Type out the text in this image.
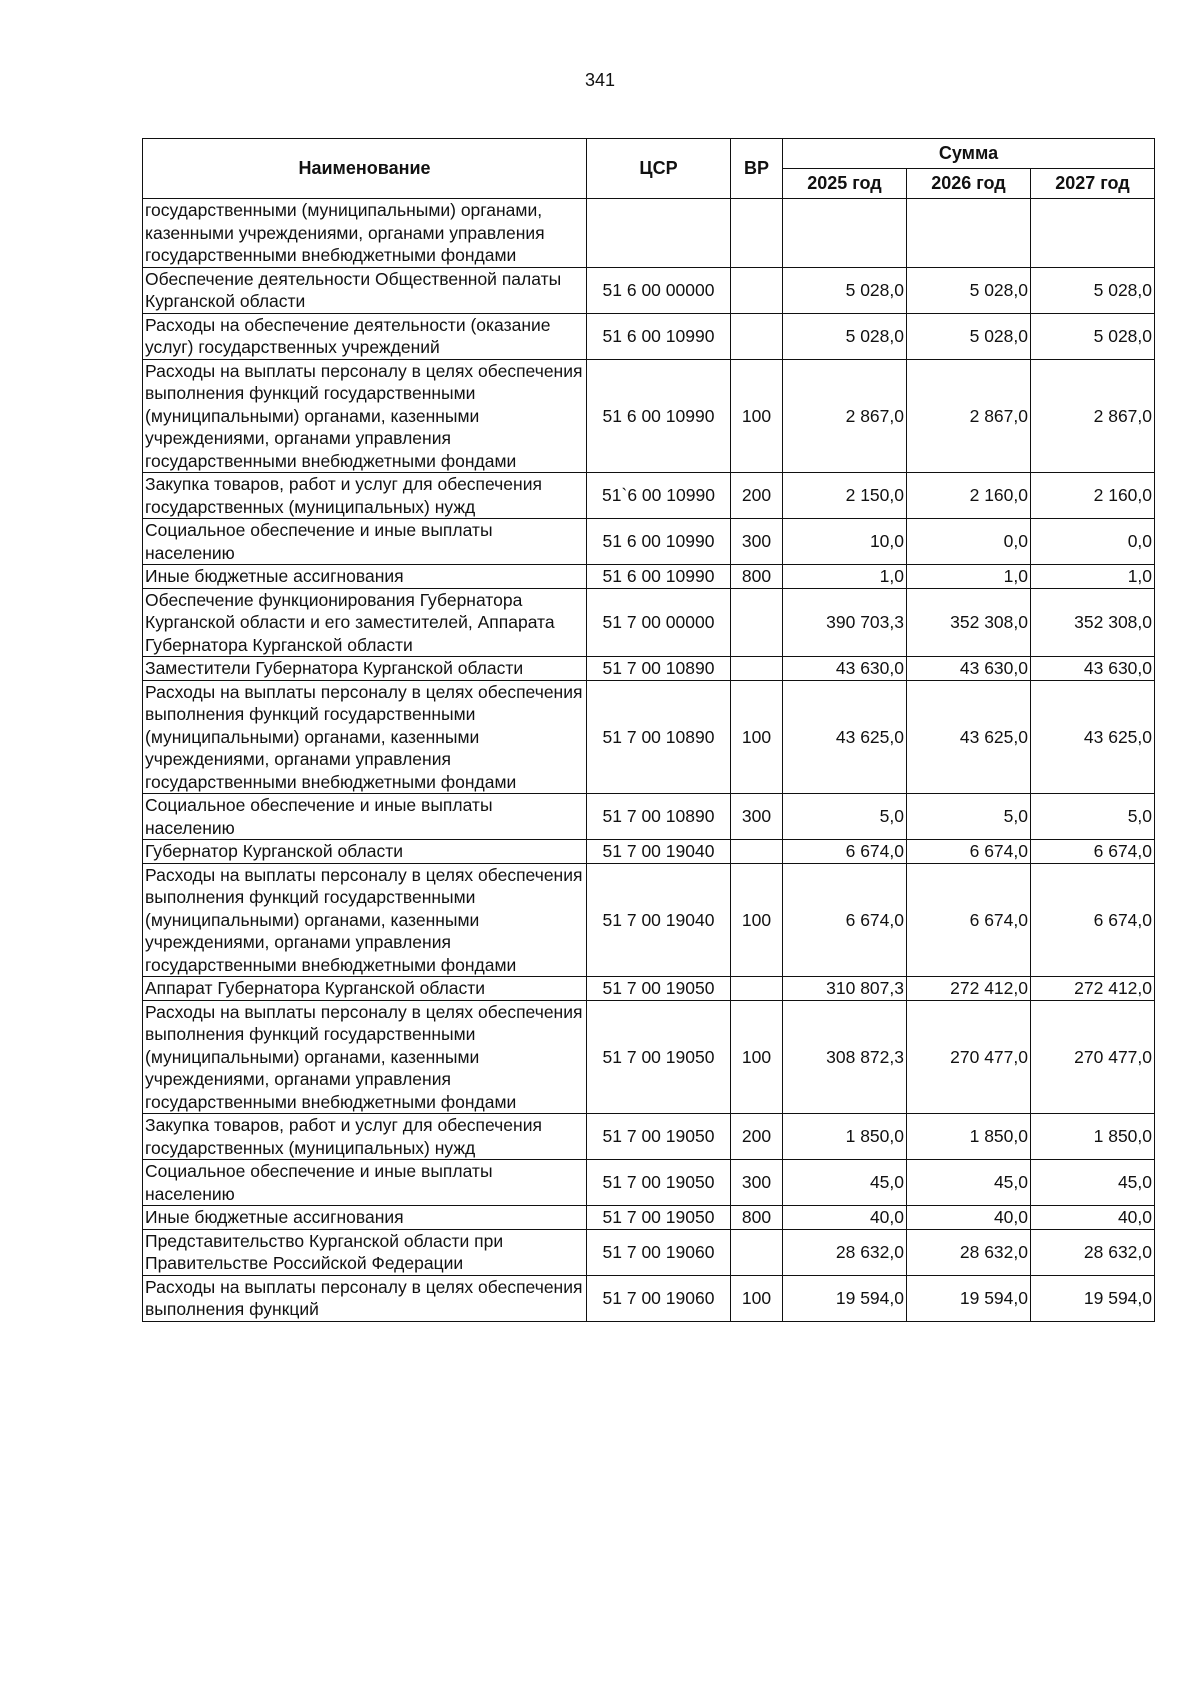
341
Наименование	ЦСР	ВР	Сумма		
			2025 год	2026 год	2027 год
государственными (муниципальными) органами, казенными учреждениями, органами управления государственными внебюджетными фондами					
Обеспечение деятельности Общественной палаты Курганской области	51 6 00 00000		5 028,0	5 028,0	5 028,0
Расходы на обеспечение деятельности (оказание услуг) государственных учреждений	51 6 00 10990		5 028,0	5 028,0	5 028,0
Расходы на выплаты персоналу в целях обеспечения выполнения функций государственными (муниципальными) органами, казенными учреждениями, органами управления государственными внебюджетными фондами	51 6 00 10990	100	2 867,0	2 867,0	2 867,0
Закупка товаров, работ и услуг для обеспечения государственных (муниципальных) нужд	51`6 00 10990	200	2 150,0	2 160,0	2 160,0
Социальное обеспечение и иные выплаты населению	51 6 00 10990	300	10,0	0,0	0,0
Иные бюджетные ассигнования	51 6 00 10990	800	1,0	1,0	1,0
Обеспечение функционирования Губернатора Курганской области и его заместителей, Аппарата Губернатора Курганской области	51 7 00 00000		390 703,3	352 308,0	352 308,0
Заместители Губернатора Курганской области	51 7 00 10890		43 630,0	43 630,0	43 630,0
Расходы на выплаты персоналу в целях обеспечения выполнения функций государственными (муниципальными) органами, казенными учреждениями, органами управления государственными внебюджетными фондами	51 7 00 10890	100	43 625,0	43 625,0	43 625,0
Социальное обеспечение и иные выплаты населению	51 7 00 10890	300	5,0	5,0	5,0
Губернатор Курганской области	51 7 00 19040		6 674,0	6 674,0	6 674,0
Расходы на выплаты персоналу в целях обеспечения выполнения функций государственными (муниципальными) органами, казенными учреждениями, органами управления государственными внебюджетными фондами	51 7 00 19040	100	6 674,0	6 674,0	6 674,0
Аппарат Губернатора Курганской области	51 7 00 19050		310 807,3	272 412,0	272 412,0
Расходы на выплаты персоналу в целях обеспечения выполнения функций государственными (муниципальными) органами, казенными учреждениями, органами управления государственными внебюджетными фондами	51 7 00 19050	100	308 872,3	270 477,0	270 477,0
Закупка товаров, работ и услуг для обеспечения государственных (муниципальных) нужд	51 7 00 19050	200	1 850,0	1 850,0	1 850,0
Социальное обеспечение и иные выплаты населению	51 7 00 19050	300	45,0	45,0	45,0
Иные бюджетные ассигнования	51 7 00 19050	800	40,0	40,0	40,0
Представительство Курганской области при Правительстве Российской Федерации	51 7 00 19060		28 632,0	28 632,0	28 632,0
Расходы на выплаты персоналу в целях обеспечения выполнения функций	51 7 00 19060	100	19 594,0	19 594,0	19 594,0
